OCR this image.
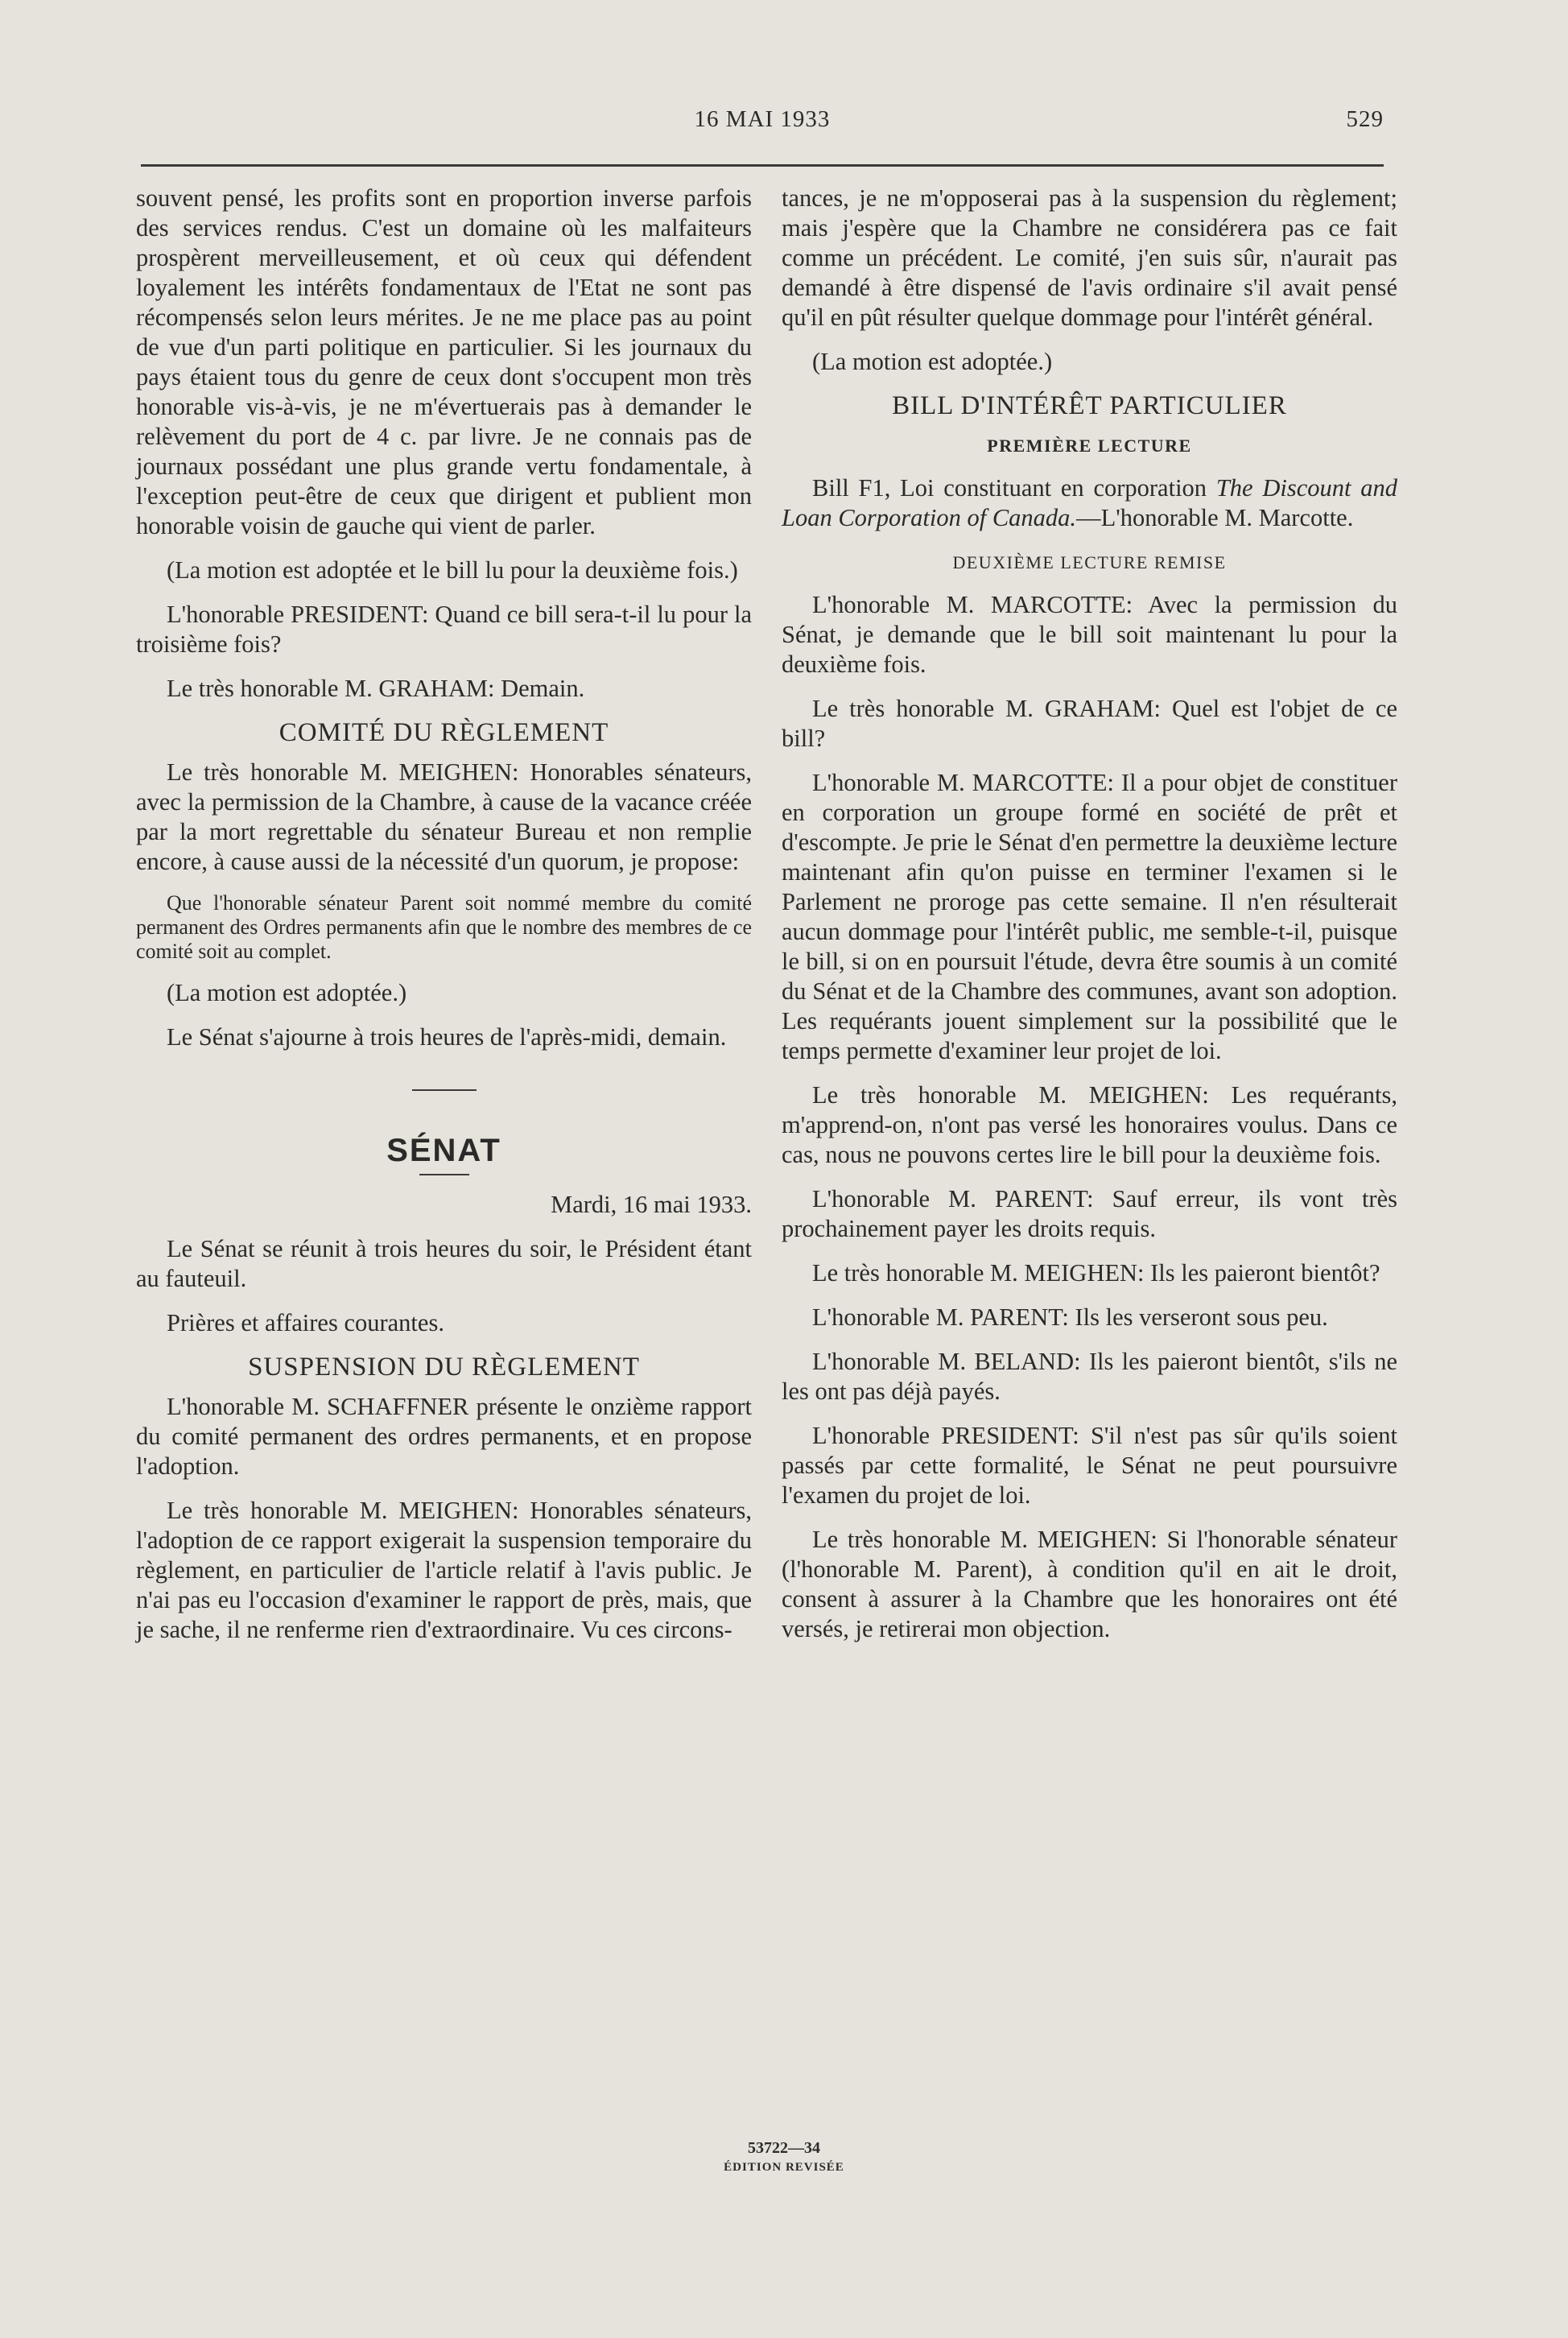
16 MAI 1933	529

souvent pensé, les profits sont en proportion inverse parfois des services rendus. C'est un domaine où les malfaiteurs prospèrent merveilleusement, et où ceux qui défendent loyalement les intérêts fondamentaux de l'Etat ne sont pas récompensés selon leurs mérites. Je ne me place pas au point de vue d'un parti politique en particulier. Si les journaux du pays étaient tous du genre de ceux dont s'occupent mon très honorable vis-à-vis, je ne m'évertuerais pas à demander le relèvement du port de 4 c. par livre. Je ne connais pas de journaux possédant une plus grande vertu fondamentale, à l'exception peut-être de ceux que dirigent et publient mon honorable voisin de gauche qui vient de parler.

(La motion est adoptée et le bill lu pour la deuxième fois.)

L'honorable PRESIDENT: Quand ce bill sera-t-il lu pour la troisième fois?

Le très honorable M. GRAHAM: Demain.

COMITÉ DU RÈGLEMENT

Le très honorable M. MEIGHEN: Honorables sénateurs, avec la permission de la Chambre, à cause de la vacance créée par la mort regrettable du sénateur Bureau et non remplie encore, à cause aussi de la nécessité d'un quorum, je propose:

Que l'honorable sénateur Parent soit nommé membre du comité permanent des Ordres permanents afin que le nombre des membres de ce comité soit au complet.

(La motion est adoptée.)

Le Sénat s'ajourne à trois heures de l'après-midi, demain.

SÉNAT

Mardi, 16 mai 1933.

Le Sénat se réunit à trois heures du soir, le Président étant au fauteuil.

Prières et affaires courantes.

SUSPENSION DU RÈGLEMENT

L'honorable M. SCHAFFNER présente le onzième rapport du comité permanent des ordres permanents, et en propose l'adoption.

Le très honorable M. MEIGHEN: Honorables sénateurs, l'adoption de ce rapport exigerait la suspension temporaire du règlement, en particulier de l'article relatif à l'avis public. Je n'ai pas eu l'occasion d'examiner le rapport de près, mais, que je sache, il ne renferme rien d'extraordinaire. Vu ces circons-

tances, je ne m'opposerai pas à la suspension du règlement; mais j'espère que la Chambre ne considérera pas ce fait comme un précédent. Le comité, j'en suis sûr, n'aurait pas demandé à être dispensé de l'avis ordinaire s'il avait pensé qu'il en pût résulter quelque dommage pour l'intérêt général.

(La motion est adoptée.)

BILL D'INTÉRÊT PARTICULIER
PREMIÈRE LECTURE

Bill F1, Loi constituant en corporation The Discount and Loan Corporation of Canada.—L'honorable M. Marcotte.

DEUXIÈME LECTURE REMISE

L'honorable M. MARCOTTE: Avec la permission du Sénat, je demande que le bill soit maintenant lu pour la deuxième fois.

Le très honorable M. GRAHAM: Quel est l'objet de ce bill?

L'honorable M. MARCOTTE: Il a pour objet de constituer en corporation un groupe formé en société de prêt et d'escompte. Je prie le Sénat d'en permettre la deuxième lecture maintenant afin qu'on puisse en terminer l'examen si le Parlement ne proroge pas cette semaine. Il n'en résulterait aucun dommage pour l'intérêt public, me semble-t-il, puisque le bill, si on en poursuit l'étude, devra être soumis à un comité du Sénat et de la Chambre des communes, avant son adoption. Les requérants jouent simplement sur la possibilité que le temps permette d'examiner leur projet de loi.

Le très honorable M. MEIGHEN: Les requérants, m'apprend-on, n'ont pas versé les honoraires voulus. Dans ce cas, nous ne pouvons certes lire le bill pour la deuxième fois.

L'honorable M. PARENT: Sauf erreur, ils vont très prochainement payer les droits requis.

Le très honorable M. MEIGHEN: Ils les paieront bientôt?

L'honorable M. PARENT: Ils les verseront sous peu.

L'honorable M. BELAND: Ils les paieront bientôt, s'ils ne les ont pas déjà payés.

L'honorable PRESIDENT: S'il n'est pas sûr qu'ils soient passés par cette formalité, le Sénat ne peut poursuivre l'examen du projet de loi.

Le très honorable M. MEIGHEN: Si l'honorable sénateur (l'honorable M. Parent), à condition qu'il en ait le droit, consent à assurer à la Chambre que les honoraires ont été versés, je retirerai mon objection.

53722—34
ÉDITION REVISÉE
